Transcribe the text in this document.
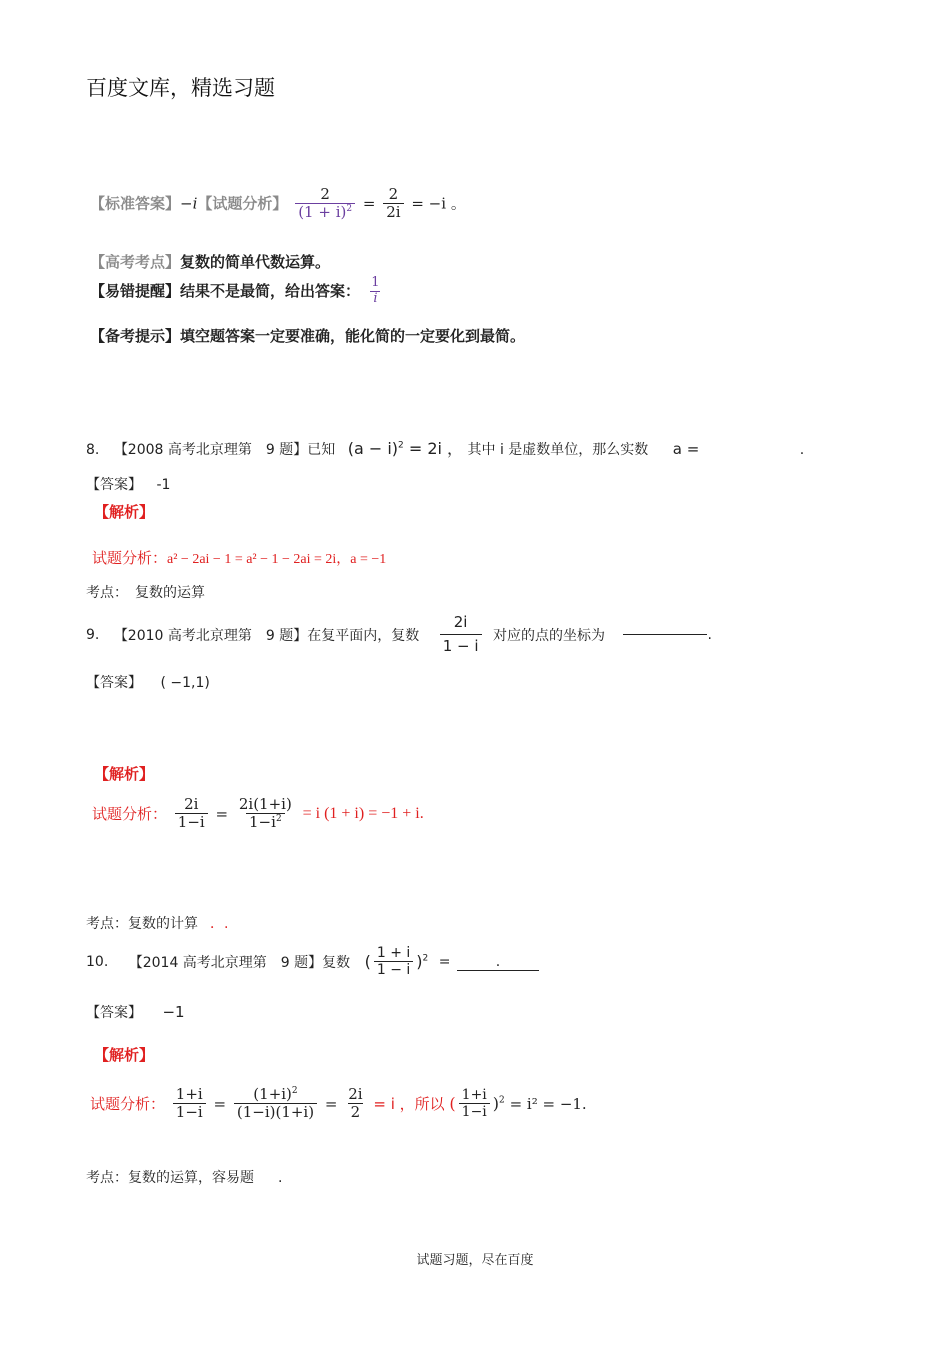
百度文库，精选习题
【标准答案】−i【试题分析】 $\frac{2}{(1 + i)^2} = \frac{2}{2i} = -i$ 。
【高考考点】复数的简单代数运算。
【易错提醒】结果不是最简，给出答案： $\frac{1}{i}$
【备考提示】填空题答案一定要准确，能化简的一定要化到最简。
8. 【2008 高考北京理第　9 题】已知 $(a - i)^2 = 2i$ ， 其中 i 是虚数单位，那么实数 a =	.
【答案】 -1
【解析】
试题分析：a² − 2ai − 1 = a² − 1 − 2ai = 2i，a = −1
考点：　复数的运算
9. 【2010 高考北京理第　9 题】在复平面内，复数 $\frac{2i}{1 - i}$ 对应的点的坐标为	.
【答案】 ( −1,1)
【解析】
试题分析： $\frac{2i}{1-i} = \frac{2i(1+i)}{1-i^2} = i$ (1 + i) = −1 + i.
考点：复数的计算 ．.
10. 【2014 高考北京理第　9 题】复数 ( $\frac{1 + i}{1 - i} )^2$ =	.
【答案】 −1
【解析】
试题分析： $\frac{1+i}{1-i} = \frac{(1+i)^2}{(1-i)(1+i)} = \frac{2i}{2} = i$ ，所以 ( $\frac{1+i}{1-i} )^2 = i^2 = -1$.
考点：复数的运算，容易题 .
试题习题，尽在百度
